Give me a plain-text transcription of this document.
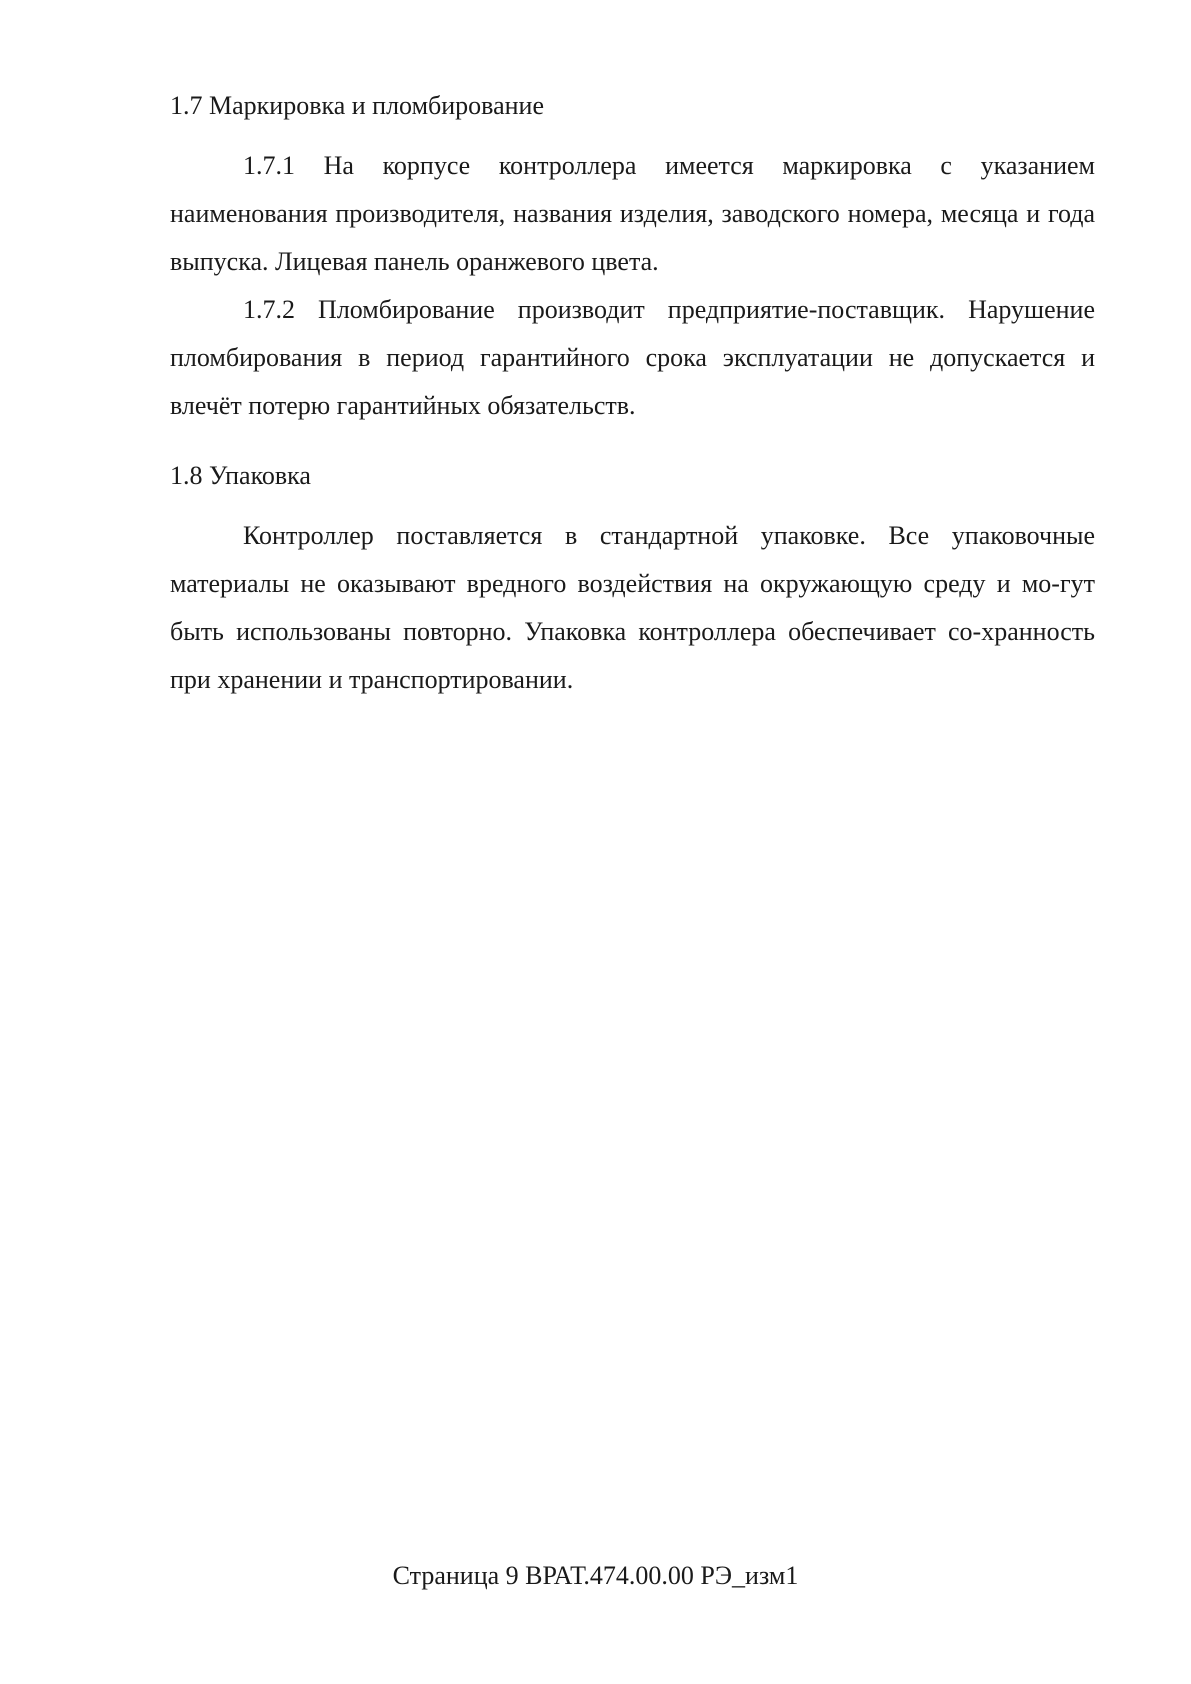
1.7 Маркировка и пломбирование

1.7.1 На корпусе контроллера имеется маркировка с указанием наименования производителя, названия изделия, заводского номера, месяца и года выпуска. Лицевая панель оранжевого цвета.

1.7.2 Пломбирование производит предприятие-поставщик. Нарушение пломбирования в период гарантийного срока эксплуатации не допускается и влечёт потерю гарантийных обязательств.

1.8 Упаковка

Контроллер поставляется в стандартной упаковке. Все упаковочные материалы не оказывают вредного воздействия на окружающую среду и мо-гут быть использованы повторно. Упаковка контроллера обеспечивает со-хранность при хранении и транспортировании.

Страница 9 ВРАТ.474.00.00 РЭ_изм1
